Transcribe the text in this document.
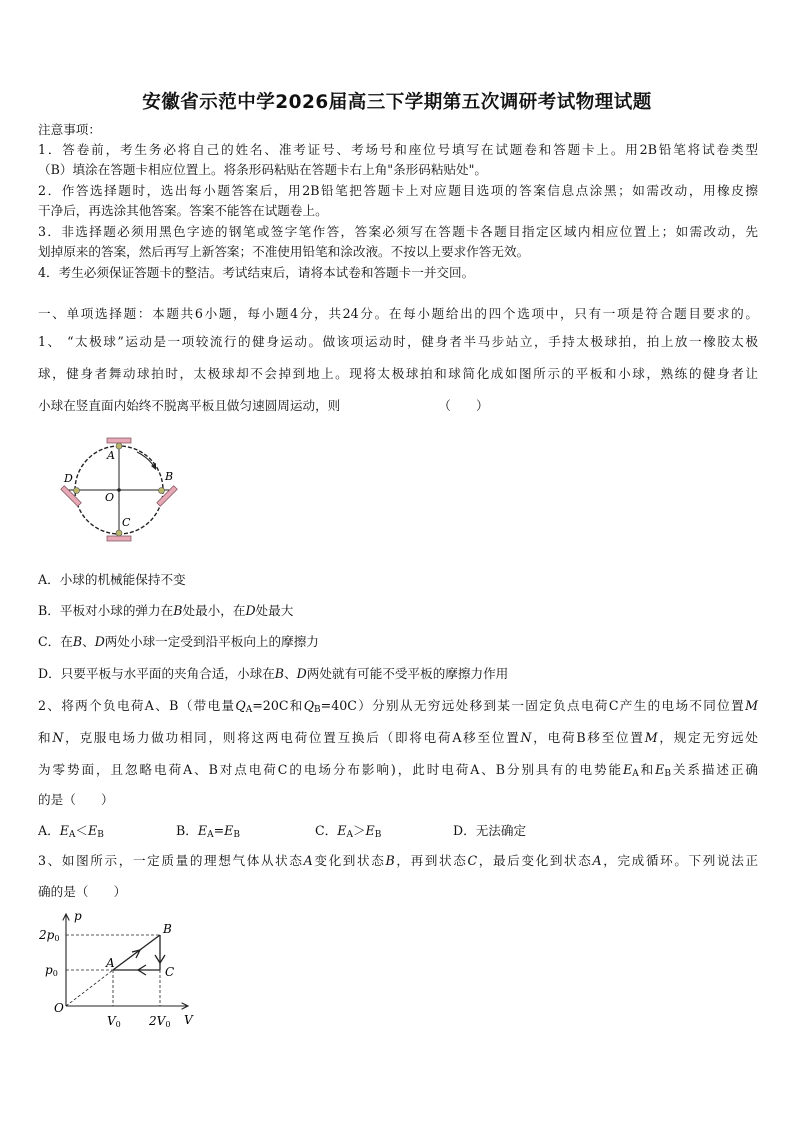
安徽省示范中学2026届高三下学期第五次调研考试物理试题
注意事项：
1．答卷前，考生务必将自己的姓名、准考证号、考场号和座位号填写在试题卷和答题卡上。用2B铅笔将试卷类型
（B）填涂在答题卡相应位置上。将条形码粘贴在答题卡右上角"条形码粘贴处"。
2．作答选择题时，选出每小题答案后，用2B铅笔把答题卡上对应题目选项的答案信息点涂黑；如需改动，用橡皮擦
干净后，再选涂其他答案。答案不能答在试题卷上。
3．非选择题必须用黑色字迹的钢笔或签字笔作答，答案必须写在答题卡各题目指定区域内相应位置上；如需改动，先
划掉原来的答案，然后再写上新答案；不准使用铅笔和涂改液。不按以上要求作答无效。
4．考生必须保证答题卡的整洁。考试结束后，请将本试卷和答题卡一并交回。
一、单项选择题：本题共6小题，每小题4分，共24分。在每小题给出的四个选项中，只有一项是符合题目要求的。
1、 “太极球”运动是一项较流行的健身运动。做该项运动时，健身者半马步站立，手持太极球拍，拍上放一橡胶太极
球，健身者舞动球拍时，太极球却不会掉到地上。现将太极球拍和球简化成如图所示的平板和小球，熟练的健身者让
小球在竖直面内始终不脱离平板且做匀速圆周运动，则	（　　）
A
B
C
D
O
A．小球的机械能保持不变
B．平板对小球的弹力在B处最小，在D处最大
C．在B、D两处小球一定受到沿平板向上的摩擦力
D．只要平板与水平面的夹角合适，小球在B、D两处就有可能不受平板的摩擦力作用
2、将两个负电荷A、B（带电量$Q_A=20C$和$Q_B=40C$）分别从无穷远处移到某一固定负点电荷C产生的电场不同位置M
和N，克服电场力做功相同，则将这两电荷位置互换后（即将电荷A移至位置N，电荷B移至位置M，规定无穷远处
为零势面，且忽略电荷A、B对点电荷C的电场分布影响)，此时电荷A、B分别具有的电势能$E_A$和$E_B$关系描述正确
的是（　　）
A．$E_A<E_B$	B．$E_A=E_B$	C．$E_A>E_B$	D．无法确定
3、如图所示，一定质量的理想气体从状态A变化到状态B，再到状态C，最后变化到状态A，完成循环。下列说法正
确的是（　　）
p
V
O
2p0
p0
V0 2V0
A
B
C
